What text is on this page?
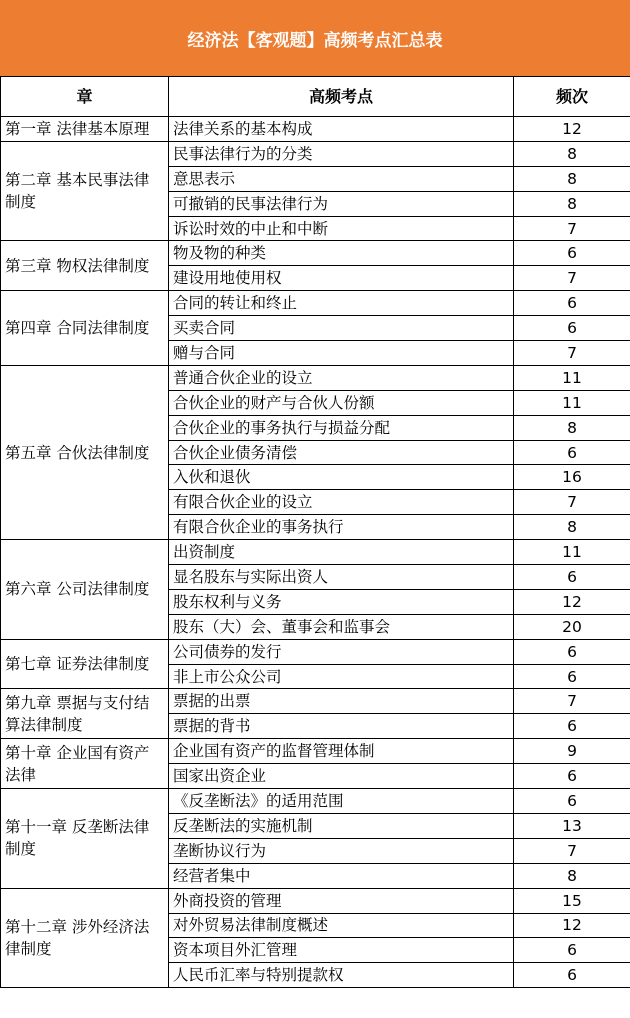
经济法【客观题】高频考点汇总表
章	高频考点	频次
第一章 法律基本原理	法律关系的基本构成	12
第二章 基本民事法律制度	民事法律行为的分类	8
	意思表示	8
	可撤销的民事法律行为	8
	诉讼时效的中止和中断	7
第三章 物权法律制度	物及物的种类	6
	建设用地使用权	7
第四章 合同法律制度	合同的转让和终止	6
	买卖合同	6
	赠与合同	7
第五章 合伙法律制度	普通合伙企业的设立	11
	合伙企业的财产与合伙人份额	11
	合伙企业的事务执行与损益分配	8
	合伙企业债务清偿	6
	入伙和退伙	16
	有限合伙企业的设立	7
	有限合伙企业的事务执行	8
第六章 公司法律制度	出资制度	11
	显名股东与实际出资人	6
	股东权利与义务	12
	股东（大）会、董事会和监事会	20
第七章 证券法律制度	公司债券的发行	6
	非上市公众公司	6
第九章 票据与支付结算法律制度	票据的出票	7
	票据的背书	6
第十章 企业国有资产法律	企业国有资产的监督管理体制	9
	国家出资企业	6
第十一章 反垄断法律制度	《反垄断法》的适用范围	6
	反垄断法的实施机制	13
	垄断协议行为	7
	经营者集中	8
第十二章 涉外经济法律制度	外商投资的管理	15
	对外贸易法律制度概述	12
	资本项目外汇管理	6
	人民币汇率与特别提款权	6
